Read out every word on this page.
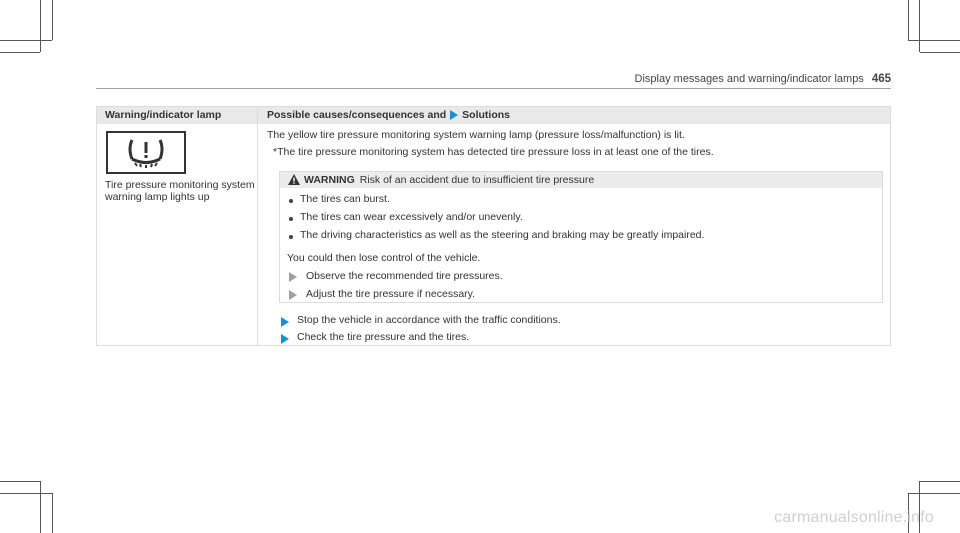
Display messages and warning/indicator lamps 465
Warning/indicator lamp	Possible causes/consequences and Solutions
Tire pressure monitoring system warning lamp lights up
The yellow tire pressure monitoring system warning lamp (pressure loss/malfunction) is lit.
*The tire pressure monitoring system has detected tire pressure loss in at least one of the tires.
WARNING Risk of an accident due to insufficient tire pressure
The tires can burst.
The tires can wear excessively and/or unevenly.
The driving characteristics as well as the steering and braking may be greatly impaired.
You could then lose control of the vehicle.
Observe the recommended tire pressures.
Adjust the tire pressure if necessary.
Stop the vehicle in accordance with the traffic conditions.
Check the tire pressure and the tires.
carmanualsonline.info
